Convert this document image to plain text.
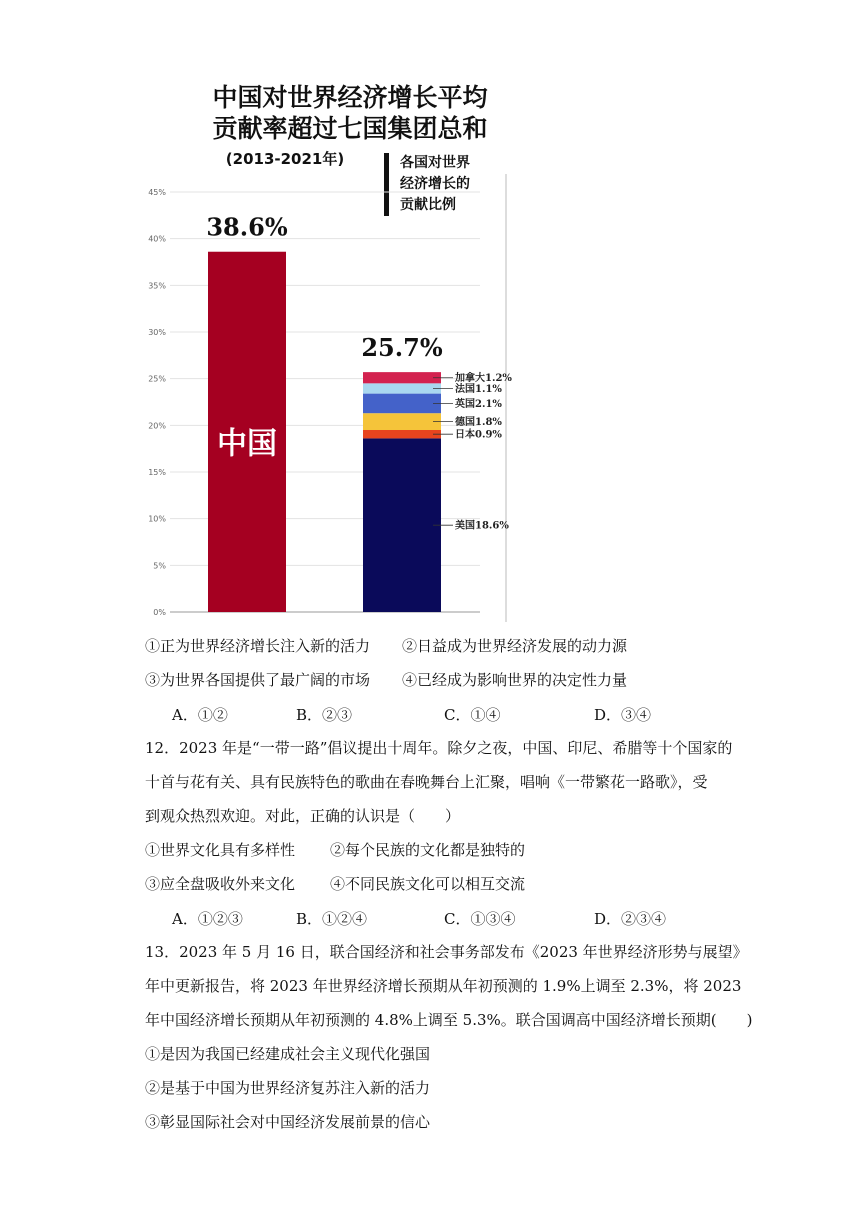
中国对世界经济增长平均
贡献率超过七国集团总和
(2013-2021年)	各国对世界
经济增长的
贡献比例
0%
5%
10%
15%
20%
25%
30%
35%
40%
45%
中国
38.6%
美国18.6%
日本0.9%
德国1.8%
英国2.1%
法国1.1%
加拿大1.2%
25.7%
①正为世界经济增长注入新的活力 ②日益成为世界经济发展的动力源
③为世界各国提供了最广阔的市场 ④已经成为影响世界的决定性力量
A．①②	B．②③	C．①④	D．③④
12．2023 年是“一带一路”倡议提出十周年。除夕之夜，中国、印尼、希腊等十个国家的
十首与花有关、具有民族特色的歌曲在春晚舞台上汇聚，唱响《一带繁花一路歌》，受
到观众热烈欢迎。对此，正确的认识是（　　）
①世界文化具有多样性 ②每个民族的文化都是独特的
③应全盘吸收外来文化 ④不同民族文化可以相互交流
A．①②③	B．①②④	C．①③④	D．②③④
13．2023 年 5 月 16 日，联合国经济和社会事务部发布《2023 年世界经济形势与展望》
年中更新报告，将 2023 年世界经济增长预期从年初预测的 1.9%上调至 2.3%，将 2023
年中国经济增长预期从年初预测的 4.8%上调至 5.3%。联合国调高中国经济增长预期(　　)
①是因为我国已经建成社会主义现代化强国
②是基于中国为世界经济复苏注入新的活力
③彰显国际社会对中国经济发展前景的信心
